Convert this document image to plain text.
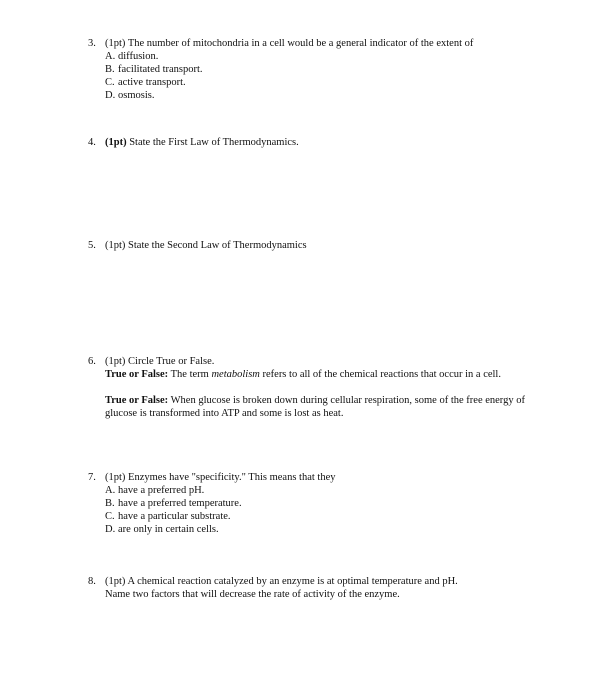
3. (1pt) The number of mitochondria in a cell would be a general indicator of the extent of
A. diffusion.
B. facilitated transport.
C. active transport.
D. osmosis.
4. (1pt) State the First Law of Thermodynamics.
5. (1pt) State the Second Law of Thermodynamics
6. (1pt) Circle True or False.
True or False: The term metabolism refers to all of the chemical reactions that occur in a cell.
True or False: When glucose is broken down during cellular respiration, some of the free energy of glucose is transformed into ATP and some is lost as heat.
7. (1pt) Enzymes have "specificity." This means that they
A. have a preferred pH.
B. have a preferred temperature.
C. have a particular substrate.
D. are only in certain cells.
8. (1pt) A chemical reaction catalyzed by an enzyme is at optimal temperature and pH.
Name two factors that will decrease the rate of activity of the enzyme.
